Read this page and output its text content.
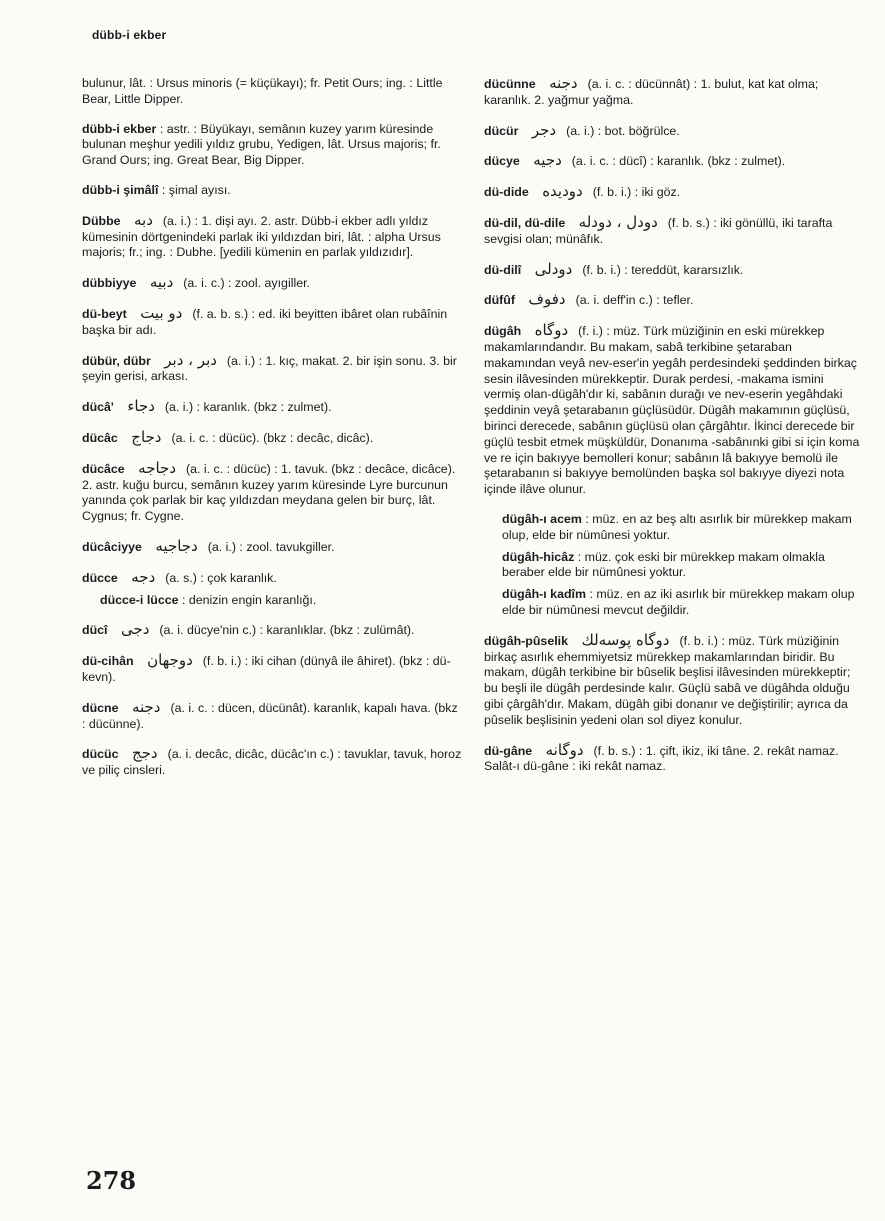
dübb-i ekber

bulunur, lât. : Ursus minoris (= küçükayı); fr. Petit Ours; ing. : Little Bear, Little Dipper.

dübb-i ekber : astr. : Büyükayı, semânın kuzey yarım küresinde bulunan meşhur yedili yıldız grubu, Yedigen, lât. Ursus majoris; fr. Grand Ours; ing. Great Bear, Big Dipper.

dübb-i şimâlî : şimal ayısı.

Dübbe دبه (a. i.) : 1. dişi ayı. 2. astr. Dübb-i ekber adlı yıldız kümesinin dörtgenindeki parlak iki yıldızdan biri, lât. : alpha Ursus majoris; fr.; ing. : Dubhe. [yedili kümenin en parlak yıldızıdır].

dübbiyye دبيه (a. i. c.) : zool. ayıgiller.

dü-beyt دو بيت (f. a. b. s.) : ed. iki beyitten ibâret olan rubâînin başka bir adı.

dübür, dübr دبر ، دبر (a. i.) : 1. kıç, makat. 2. bir işin sonu. 3. bir şeyin gerisi, arkası.

dücâ' دجاء (a. i.) : karanlık. (bkz : zulmet).

dücâc دجاج (a. i. c. : dücüc). (bkz : decâc, dicâc).

dücâce دجاجه (a. i. c. : dücüc) : 1. tavuk. (bkz : decâce, dicâce). 2. astr. kuğu burcu, semânın kuzey yarım küresinde Lyre burcunun yanında çok parlak bir kaç yıldızdan meydana gelen bir burç, lât. Cygnus; fr. Cygne.

dücâciyye دجاجيه (a. i.) : zool. tavukgiller.

dücce دجه (a. s.) : çok karanlık.

dücce-i lücce : denizin engin karanlığı.

dücî دجى (a. i. dücye'nin c.) : karanlıklar. (bkz : zulümât).

dü-cihân دوجهان (f. b. i.) : iki cihan (dünyâ ile âhiret). (bkz : dü-kevn).

dücne دجنه (a. i. c. : dücen, dücünât). karanlık, kapalı hava. (bkz : dücünne).

dücüc دجج (a. i. decâc, dicâc, dücâc'ın c.) : tavuklar, tavuk, horoz ve piliç cinsleri.

dücünne دجنه (a. i. c. : dücünnât) : 1. bulut, kat kat olma; karanlık. 2. yağmur yağma.

dücür دجر (a. i.) : bot. böğrülce.

dücye دجيه (a. i. c. : dücî) : karanlık. (bkz : zulmet).

dü-dide دوديده (f. b. i.) : iki göz.

dü-dil, dü-dile دودل ، دودله (f. b. s.) : iki gönüllü, iki tarafta sevgisi olan; münâfık.

dü-dilî دودلى (f. b. i.) : tereddüt, kararsızlık.

düfûf دفوف (a. i. deff'in c.) : tefler.

dügâh دوگاه (f. i.) : müz. Türk müziğinin en eski mürekkep makamlarındandır. Bu makam, sabâ terkibine şetaraban makamından veyâ nev-eser'in yegâh perdesindeki şeddinden birkaç sesin ilâvesinden mürekkeptir. Durak perdesi, -makama ismini vermiş olan-dügâh'dır ki, sabânın durağı ve nev-eserin yegâhdaki şeddinin veyâ şetarabanın güçlüsüdür. Dügâh makamının güçlüsü, birinci derecede, sabânın güçlüsü olan çârgâhtır. İkinci derecede bir güçlü tesbit etmek müşküldür, Donanıma -sabânınki gibi si için koma ve re için bakıyye bemolleri konur; sabânın lâ bakıyye bemolü ile şetarabanın si bakıyye bemolünden başka sol bakıyye diyezi nota içinde ilâve olunur.

dügâh-ı acem : müz. en az beş altı asırlık bir mürekkep makam olup, elde bir nümûnesi yoktur.

dügâh-hicâz : müz. çok eski bir mürekkep makam olmakla beraber elde bir nümûnesi yoktur.

dügâh-ı kadîm : müz. en az iki asırlık bir mürekkep makam olup elde bir nümûnesi mevcut değildir.

dügâh-pûselik دوگاه پوسه‌لك (f. b. i.) : müz. Türk müziğinin birkaç asırlık ehemmiyetsiz mürekkep makamlarından biridir. Bu makam, dügâh terkibine bir bûselik beşlisi ilâvesinden mürekkeptir; bu beşli ile dügâh perdesinde kalır. Güçlü sabâ ve dügâhda olduğu gibi çârgâh'dır. Makam, dügâh gibi donanır ve değiştirilir; ayrıca da pûselik beşlisinin yedeni olan sol diyez konulur.

dü-gâne دوگانه (f. b. s.) : 1. çift, ikiz, iki tâne. 2. rekât namaz. Salât-ı dü-gâne : iki rekât namaz.

278
